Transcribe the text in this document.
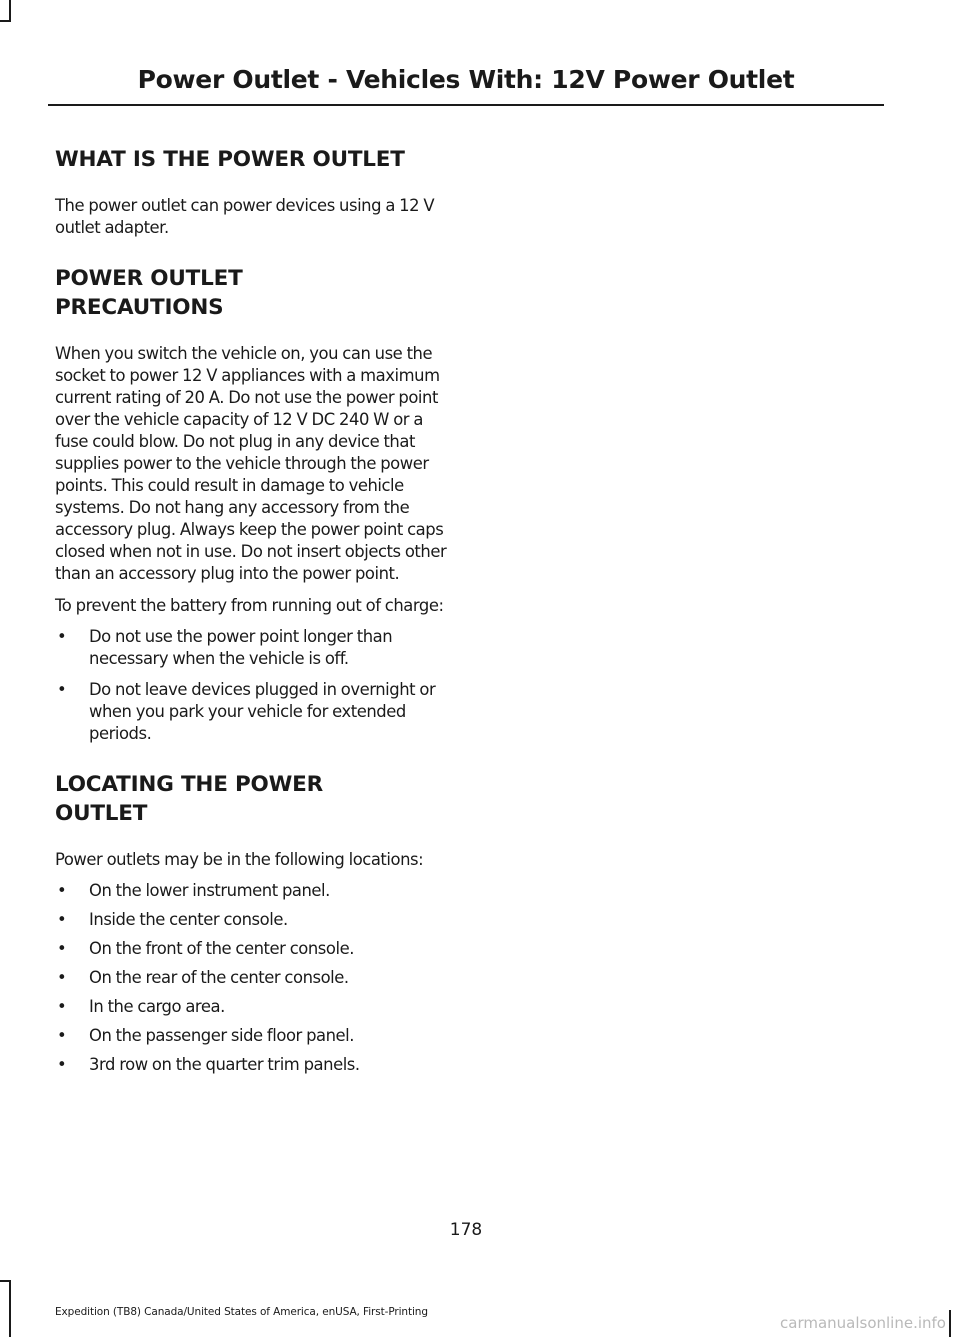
Power Outlet - Vehicles With: 12V Power Outlet
WHAT IS THE POWER OUTLET

The power outlet can power devices using a 12 V outlet adapter.

POWER OUTLET
PRECAUTIONS

When you switch the vehicle on, you can use the socket to power 12 V appliances with a maximum current rating of 20 A. Do not use the power point over the vehicle capacity of 12 V DC 240 W or a fuse could blow. Do not plug in any device that supplies power to the vehicle through the power points. This could result in damage to vehicle systems. Do not hang any accessory from the accessory plug. Always keep the power point caps closed when not in use. Do not insert objects other than an accessory plug into the power point.

To prevent the battery from running out of charge:

• Do not use the power point longer than necessary when the vehicle is off.
• Do not leave devices plugged in overnight or when you park your vehicle for extended periods.
LOCATING THE POWER
OUTLET

Power outlets may be in the following locations:

• On the lower instrument panel.
• Inside the center console.
• On the front of the center console.
• On the rear of the center console.
• In the cargo area.
• On the passenger side floor panel.
• 3rd row on the quarter trim panels.
178
Expedition (TB8) Canada/United States of America, enUSA, First-Printing
carmanualsonline.info
